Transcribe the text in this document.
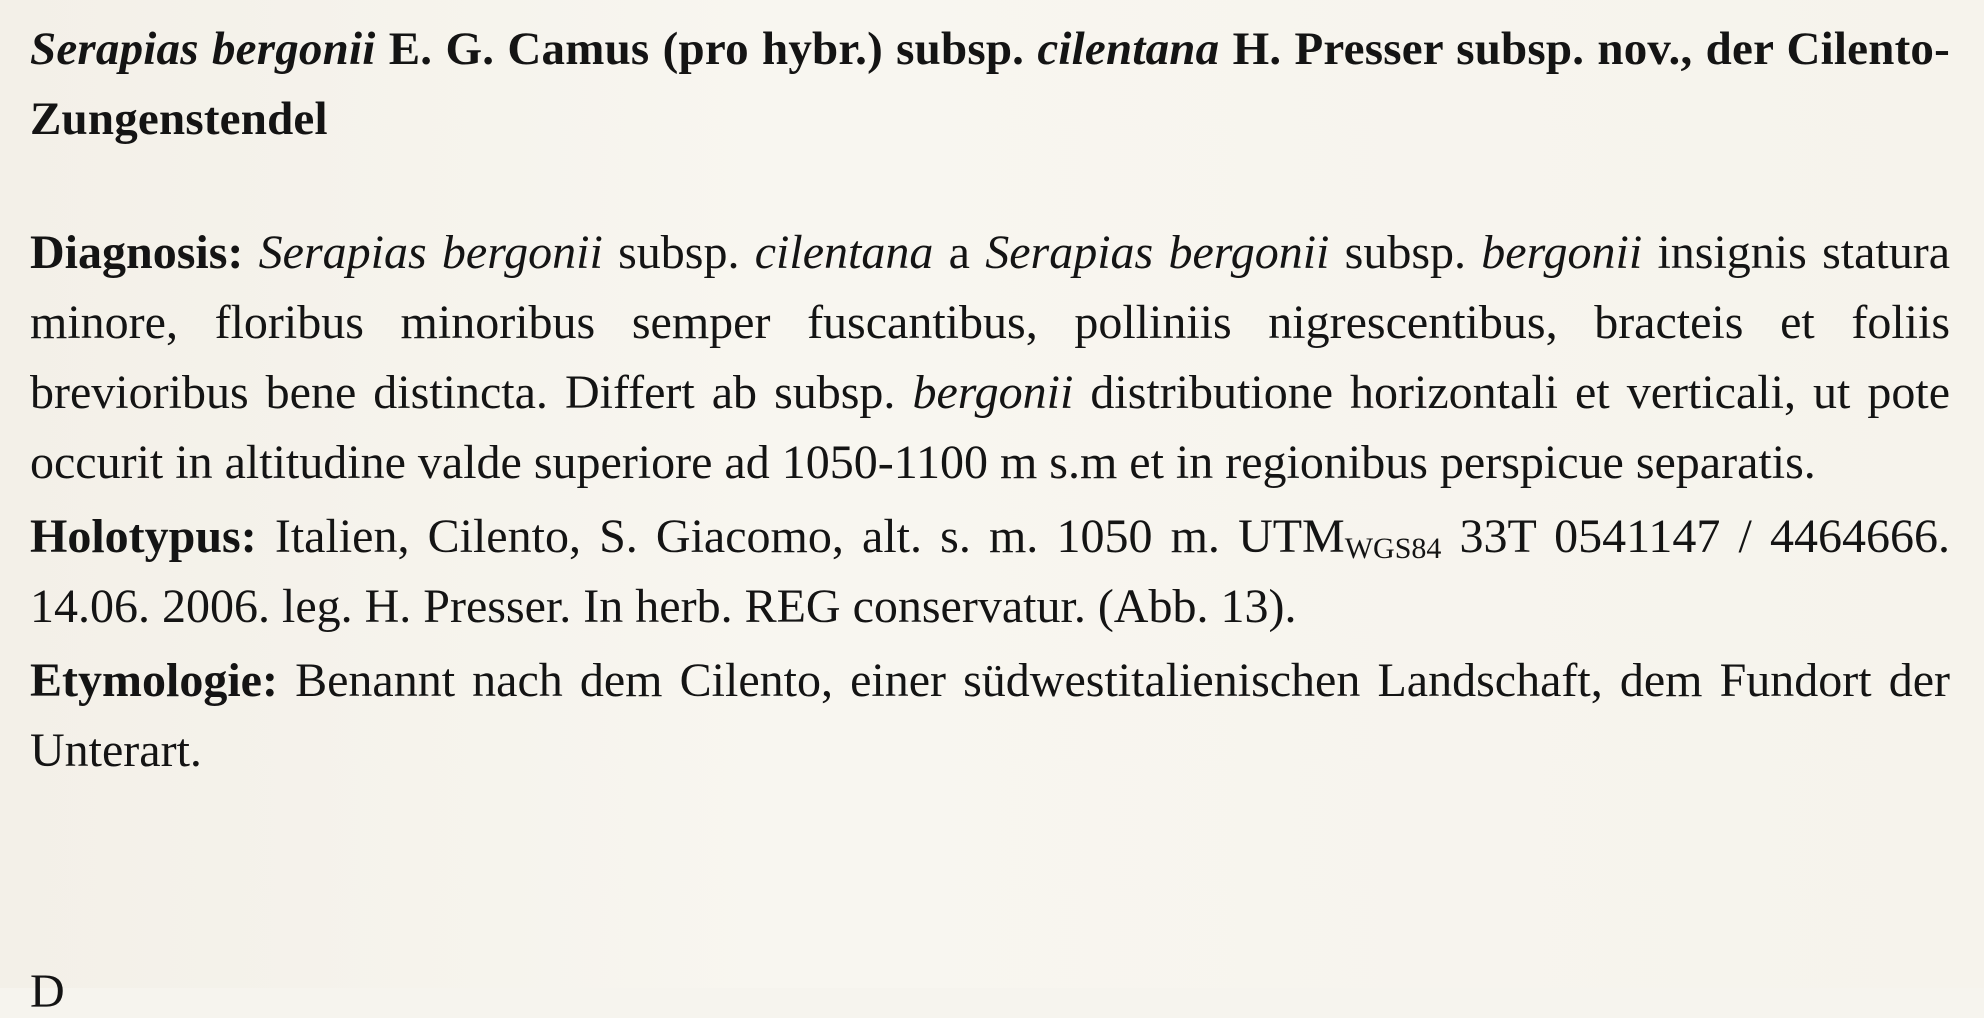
Serapias bergonii E. G. Camus (pro hybr.) subsp. cilentana H. Presser subsp. nov., der Cilento-Zungenstendel

Diagnosis: Serapias bergonii subsp. cilentana a Serapias bergonii subsp. bergonii insignis statura minore, floribus minoribus semper fuscantibus, polliniis nigrescentibus, bracteis et foliis brevioribus bene distincta. Differt ab subsp. bergonii distributione horizontali et verticali, ut pote occurit in altitudine valde superiore ad 1050-1100 m s.m et in regionibus perspicue separatis.

Holotypus: Italien, Cilento, S. Giacomo, alt. s. m. 1050 m. $UTM_{WGS84}$ 33T 0541147 / 4464666. 14.06. 2006. leg. H. Presser. In herb. REG conservatur. (Abb. 13).

Etymologie: Benannt nach dem Cilento, einer südwestitalienischen Landschaft, dem Fundort der Unterart.

D
